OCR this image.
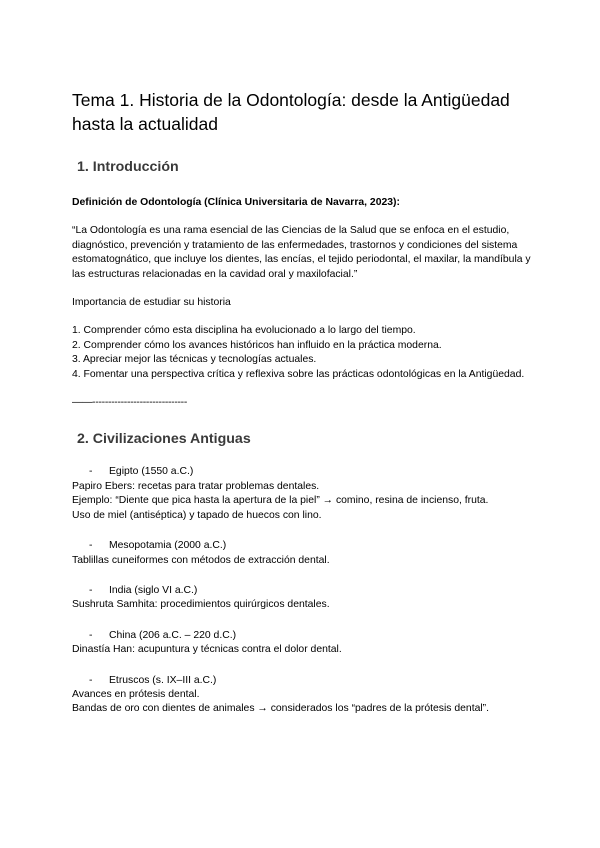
Tema 1. Historia de la Odontología: desde la Antigüedad hasta la actualidad
1. Introducción

Definición de Odontología (Clínica Universitaria de Navarra, 2023):

“La Odontología es una rama esencial de las Ciencias de la Salud que se enfoca en el estudio, diagnóstico, prevención y tratamiento de las enfermedades, trastornos y condiciones del sistema estomatognático, que incluye los dientes, las encías, el tejido periodontal, el maxilar, la mandíbula y las estructuras relacionadas en la cavidad oral y maxilofacial.”

Importancia de estudiar su historia

1. Comprender cómo esta disciplina ha evolucionado a lo largo del tiempo.
2. Comprender cómo los avances históricos han influido en la práctica moderna.
3. Apreciar mejor las técnicas y tecnologías actuales.
4. Fomentar una perspectiva crítica y reflexiva sobre las prácticas odontológicas en la Antigüedad.
——------------------------------
2. Civilizaciones Antiguas
-	Egipto (1550 a.C.)
Papiro Ebers: recetas para tratar problemas dentales.
Ejemplo: “Diente que pica hasta la apertura de la piel” → comino, resina de incienso, fruta.
Uso de miel (antiséptica) y tapado de huecos con lino.
-	Mesopotamia (2000 a.C.)
Tablillas cuneiformes con métodos de extracción dental.
-	India (siglo VI a.C.)
Sushruta Samhita: procedimientos quirúrgicos dentales.
-	China (206 a.C. – 220 d.C.)
Dinastía Han: acupuntura y técnicas contra el dolor dental.
-	Etruscos (s. IX–III a.C.)
Avances en prótesis dental.
Bandas de oro con dientes de animales → considerados los “padres de la prótesis dental”.
